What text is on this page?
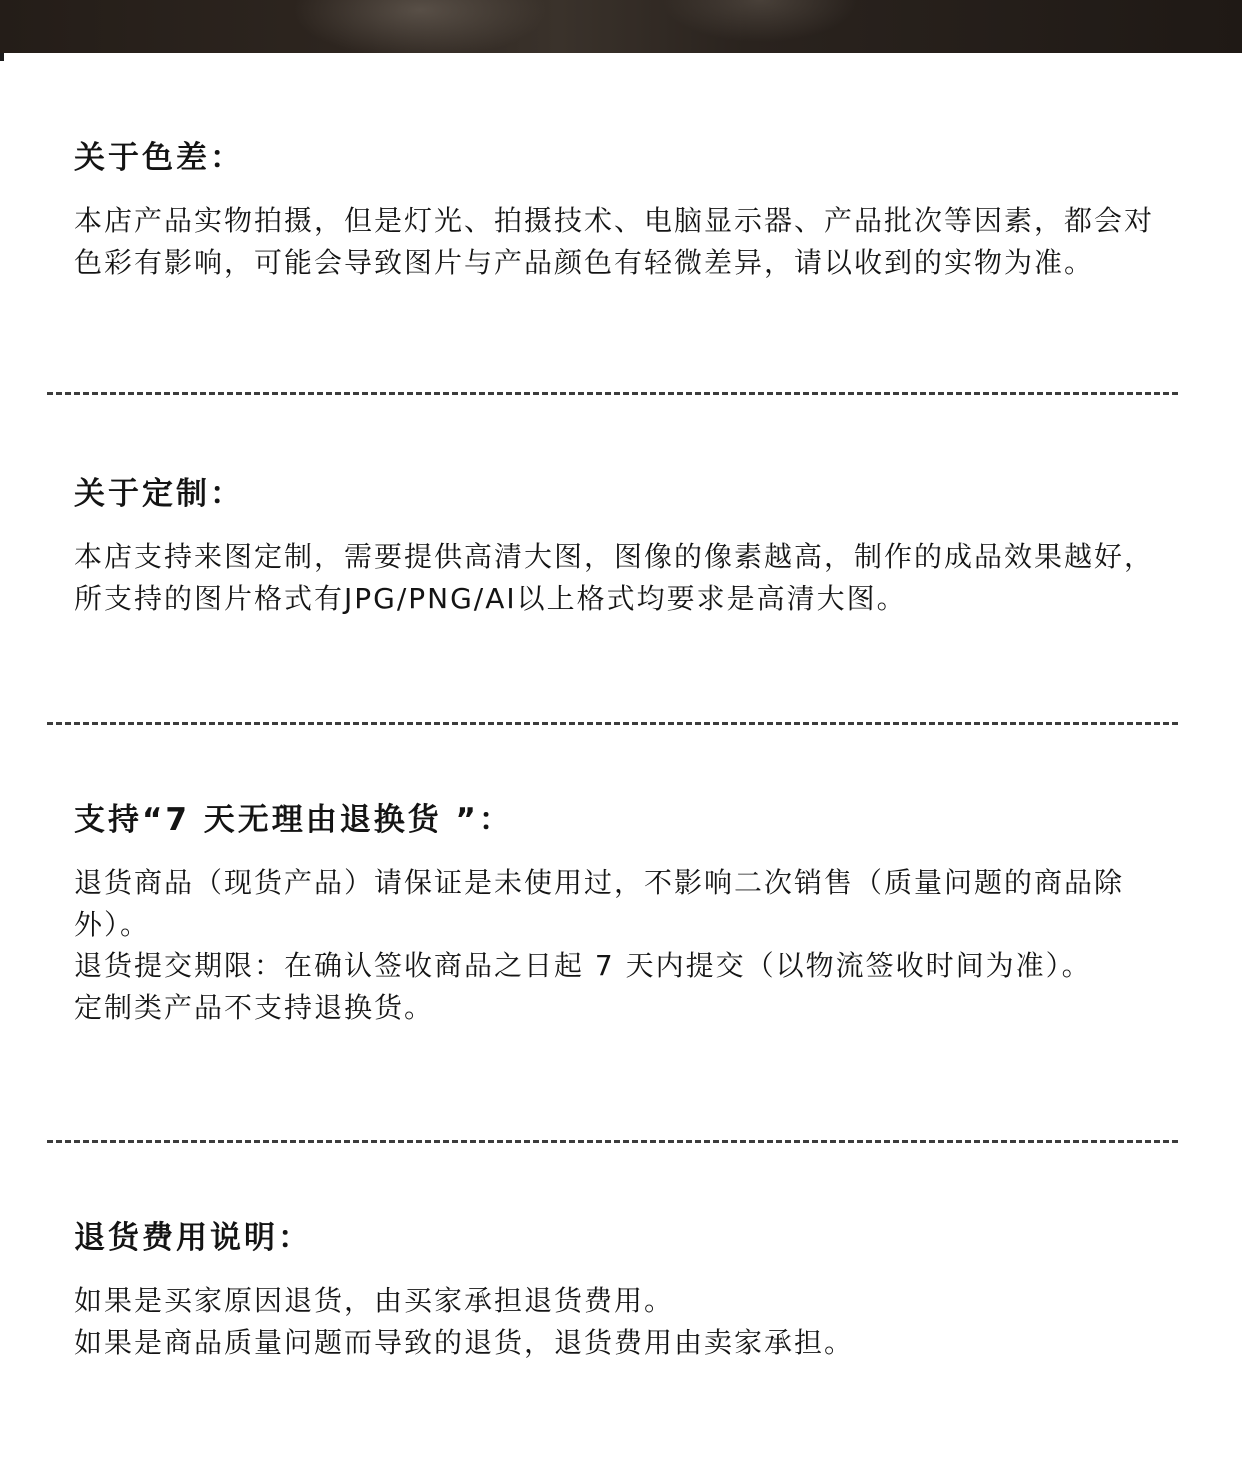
关于色差：

本店产品实物拍摄，但是灯光、拍摄技术、电脑显示器、产品批次等因素，都会对色彩有影响，可能会导致图片与产品颜色有轻微差异，请以收到的实物为准。

关于定制：

本店支持来图定制，需要提供高清大图，图像的像素越高，制作的成品效果越好，所支持的图片格式有JPG/PNG/AI以上格式均要求是高清大图。

支持“7 天无理由退换货 ”：

退货商品（现货产品）请保证是未使用过，不影响二次销售（质量问题的商品除外）。

退货提交期限：在确认签收商品之日起 7 天内提交（以物流签收时间为准）。

定制类产品不支持退换货。

退货费用说明：

如果是买家原因退货，由买家承担退货费用。

如果是商品质量问题而导致的退货，退货费用由卖家承担。
